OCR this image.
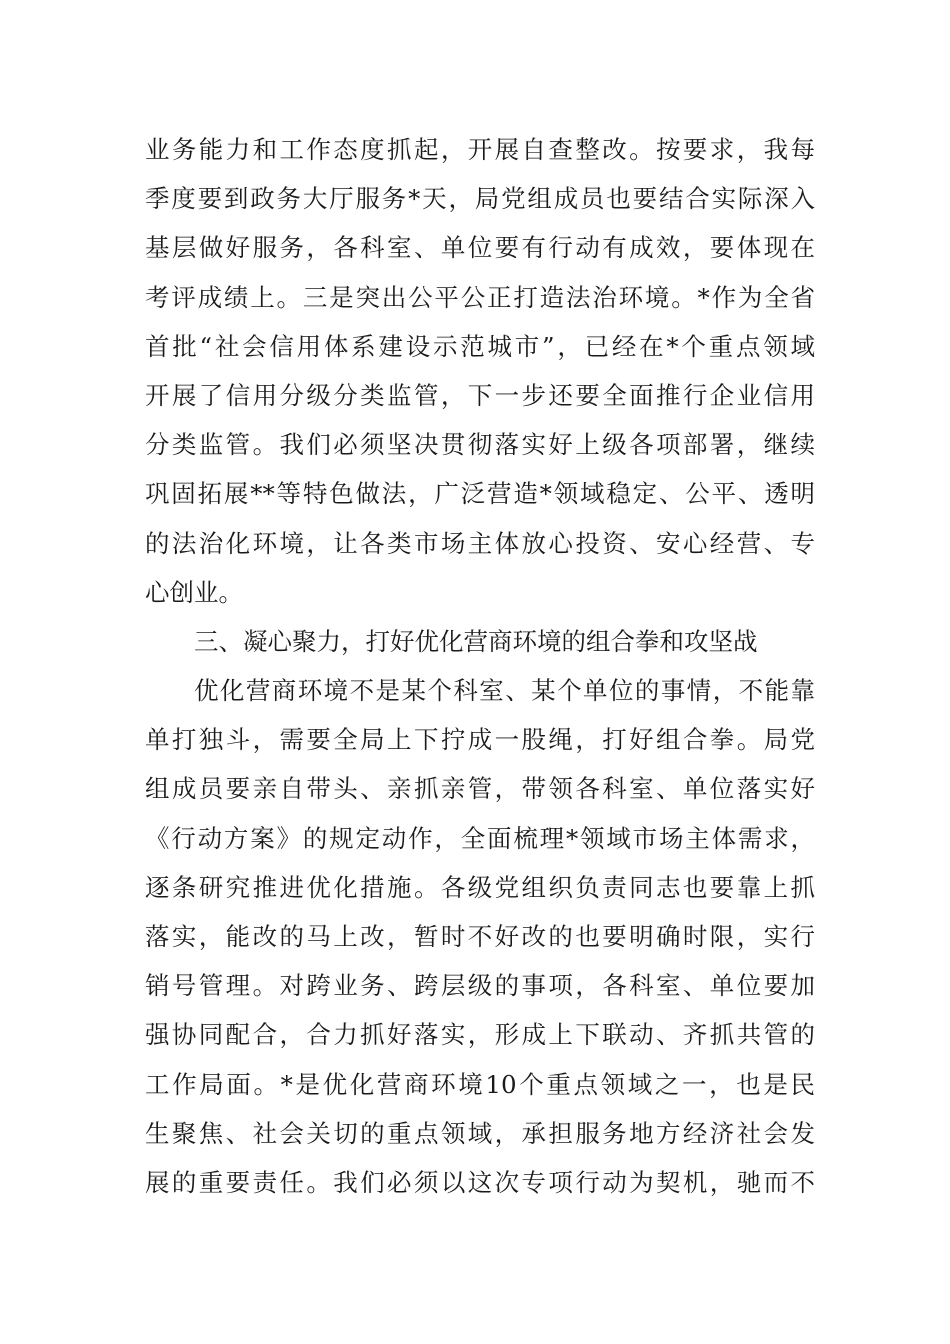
业务能力和工作态度抓起，开展自查整改。按要求，我每
季度要到政务大厅服务*天，局党组成员也要结合实际深入
基层做好服务，各科室、单位要有行动有成效，要体现在
考评成绩上。三是突出公平公正打造法治环境。*作为全省
首批“社会信用体系建设示范城市”，已经在*个重点领域
开展了信用分级分类监管，下一步还要全面推行企业信用
分类监管。我们必须坚决贯彻落实好上级各项部署，继续
巩固拓展**等特色做法，广泛营造*领域稳定、公平、透明
的法治化环境，让各类市场主体放心投资、安心经营、专
心创业。
三、凝心聚力，打好优化营商环境的组合拳和攻坚战
优化营商环境不是某个科室、某个单位的事情，不能靠
单打独斗，需要全局上下拧成一股绳，打好组合拳。局党
组成员要亲自带头、亲抓亲管，带领各科室、单位落实好
《行动方案》的规定动作，全面梳理*领域市场主体需求，
逐条研究推进优化措施。各级党组织负责同志也要靠上抓
落实，能改的马上改，暂时不好改的也要明确时限，实行
销号管理。对跨业务、跨层级的事项，各科室、单位要加
强协同配合，合力抓好落实，形成上下联动、齐抓共管的
工作局面。*是优化营商环境10个重点领域之一，也是民
生聚焦、社会关切的重点领域，承担服务地方经济社会发
展的重要责任。我们必须以这次专项行动为契机，驰而不
